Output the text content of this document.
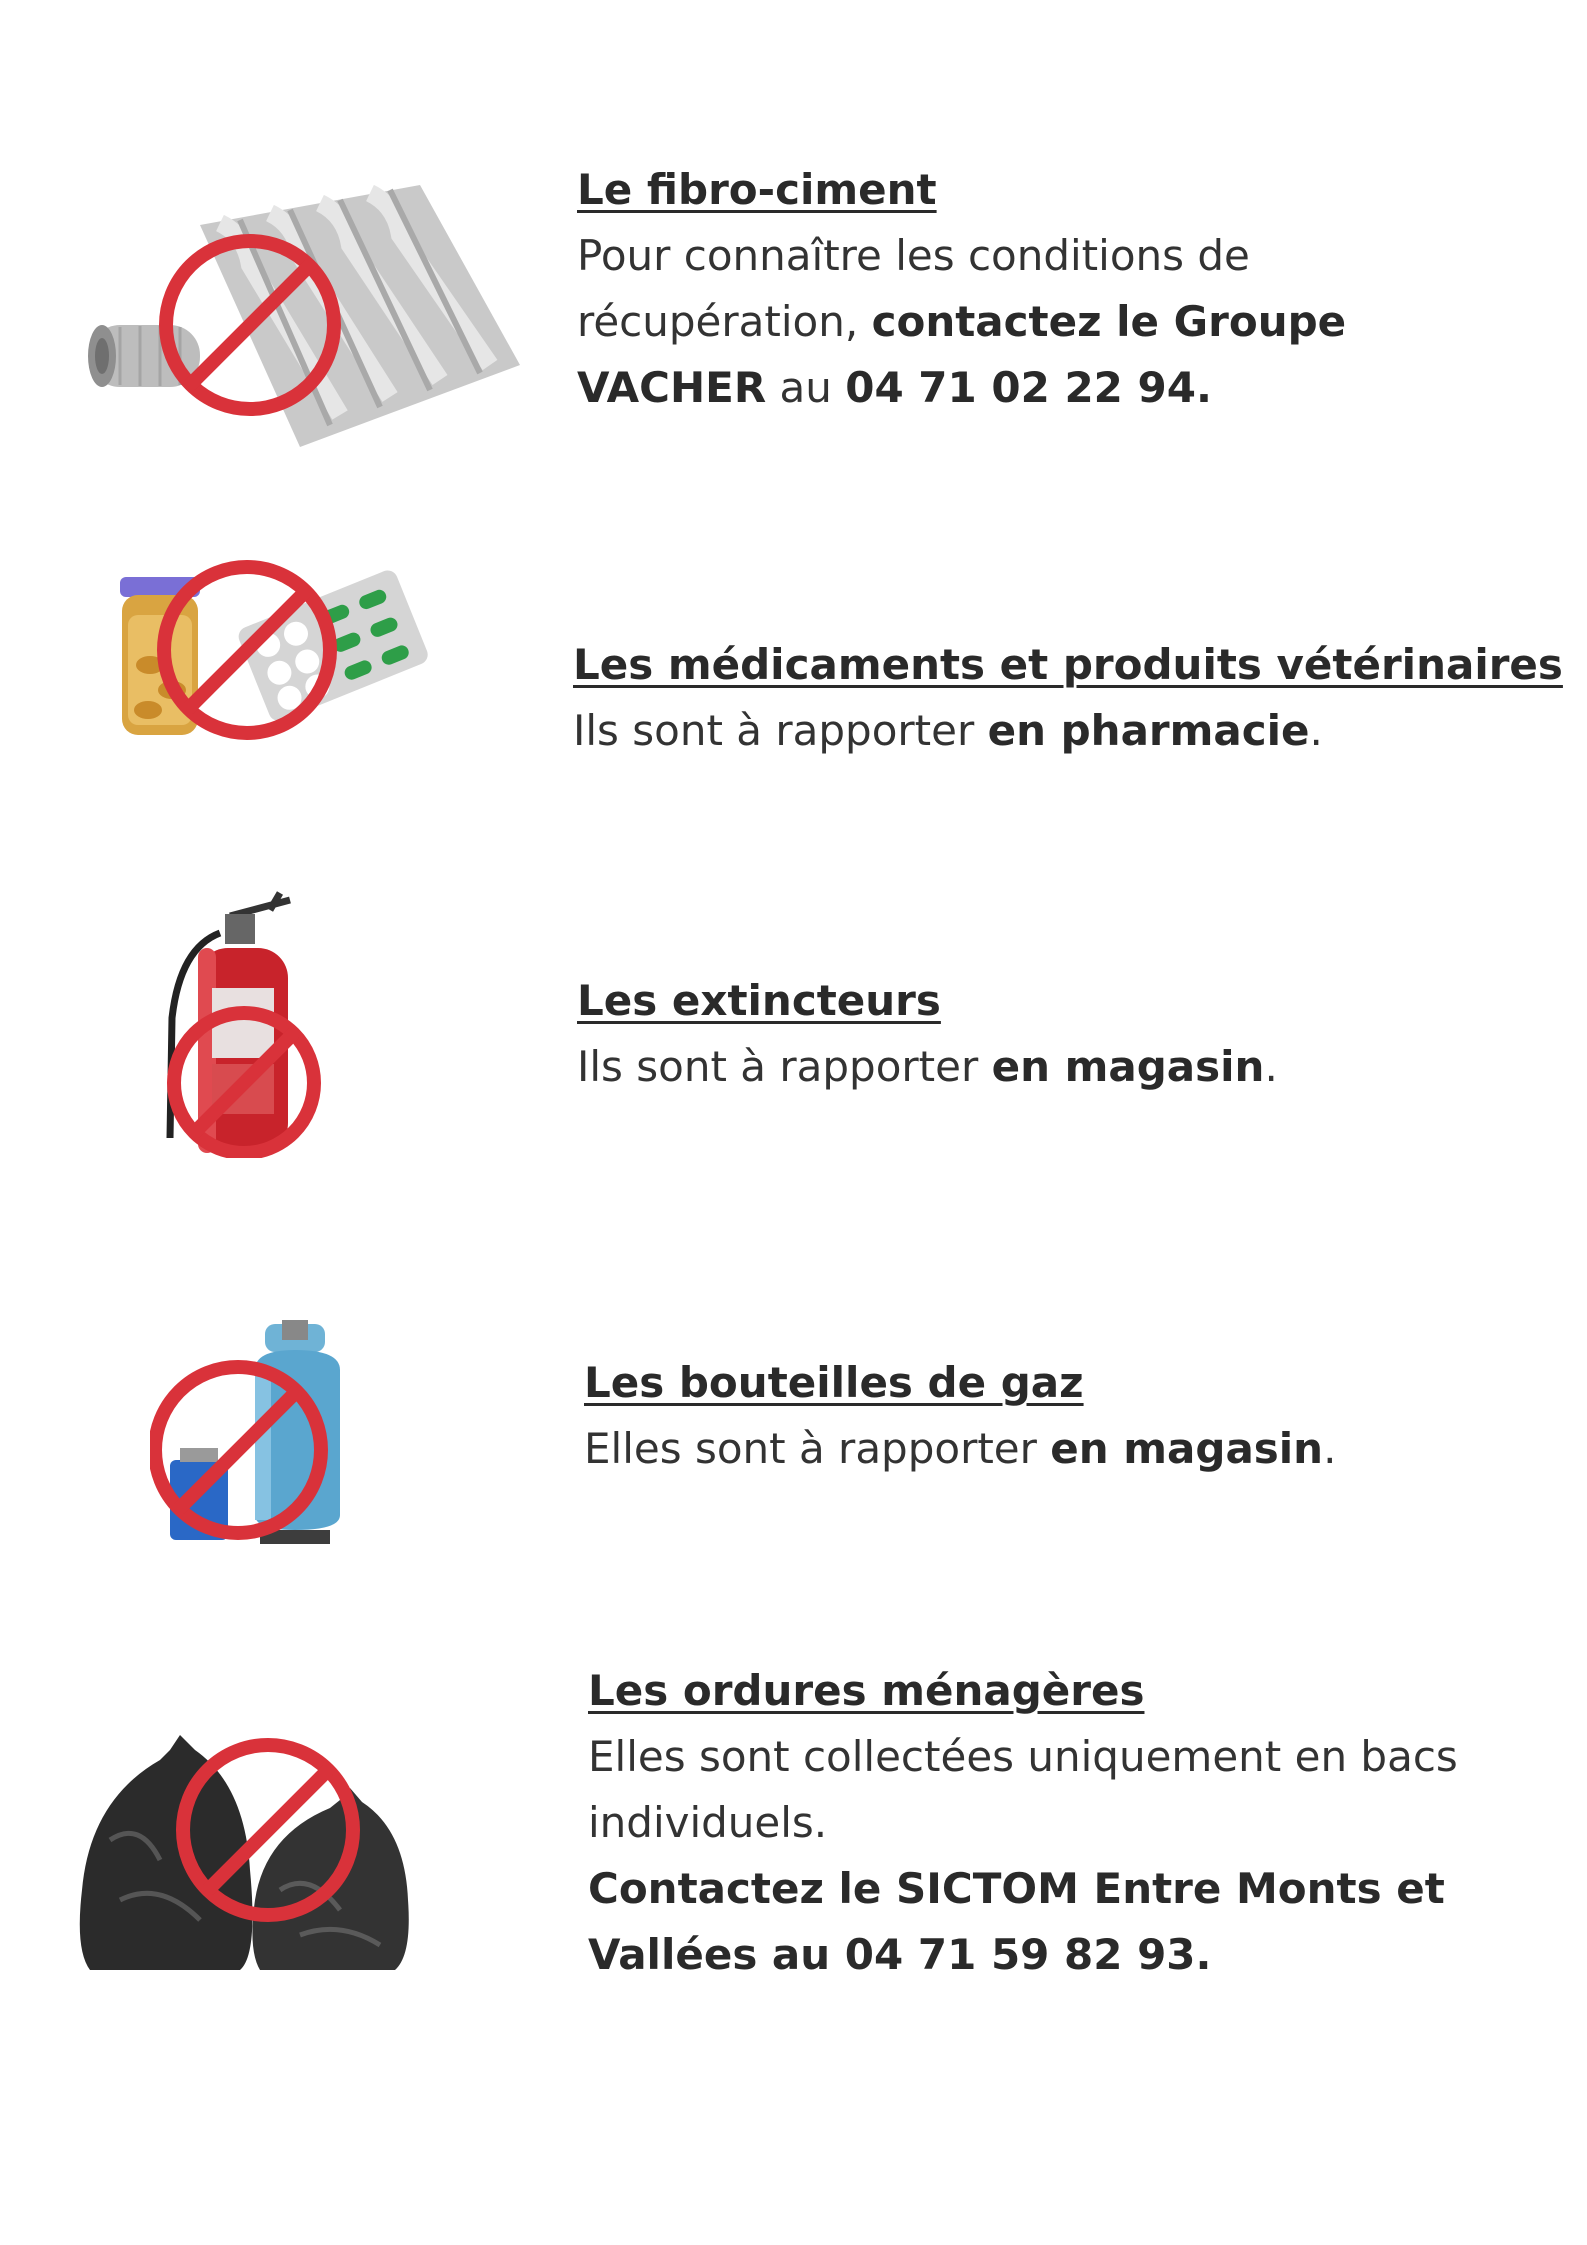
Le fibro-ciment
Pour connaître les conditions de
récupération, contactez le Groupe
VACHER au 04 71 02 22 94.
Les médicaments et produits vétérinaires
Ils sont à rapporter en pharmacie.
Les extincteurs
Ils sont à rapporter en magasin.
Les bouteilles de gaz
Elles sont à rapporter en magasin.
Les ordures ménagères
Elles sont collectées uniquement en bacs
individuels.
Contactez le SICTOM Entre Monts et
Vallées au 04 71 59 82 93.
